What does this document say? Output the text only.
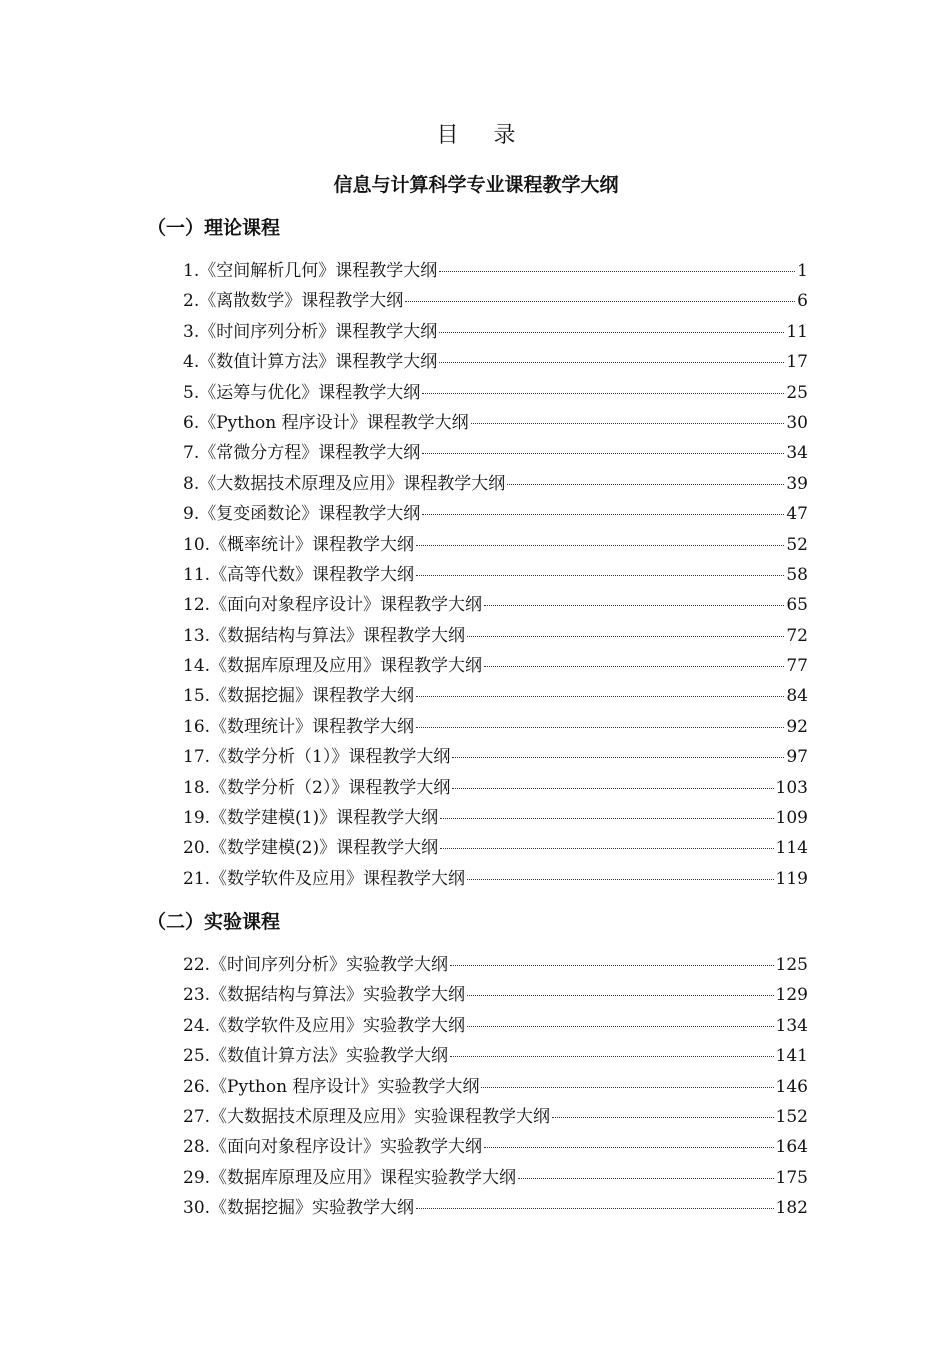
目 录
信息与计算科学专业课程教学大纲
（一）理论课程
1.《空间解析几何》课程教学大纲	1
2.《离散数学》课程教学大纲	6
3.《时间序列分析》课程教学大纲	11
4.《数值计算方法》课程教学大纲	17
5.《运筹与优化》课程教学大纲	25
6.《Python 程序设计》课程教学大纲	30
7.《常微分方程》课程教学大纲	34
8.《大数据技术原理及应用》课程教学大纲	39
9.《复变函数论》课程教学大纲	47
10.《概率统计》课程教学大纲	52
11.《高等代数》课程教学大纲	58
12.《面向对象程序设计》课程教学大纲	65
13.《数据结构与算法》课程教学大纲	72
14.《数据库原理及应用》课程教学大纲	77
15.《数据挖掘》课程教学大纲	84
16.《数理统计》课程教学大纲	92
17.《数学分析（1）》课程教学大纲	97
18.《数学分析（2）》课程教学大纲	103
19.《数学建模(1)》课程教学大纲	109
20.《数学建模(2)》课程教学大纲	114
21.《数学软件及应用》课程教学大纲	119
（二）实验课程
22.《时间序列分析》实验教学大纲	125
23.《数据结构与算法》实验教学大纲	129
24.《数学软件及应用》实验教学大纲	134
25.《数值计算方法》实验教学大纲	141
26.《Python 程序设计》实验教学大纲	146
27.《大数据技术原理及应用》实验课程教学大纲	152
28.《面向对象程序设计》实验教学大纲	164
29.《数据库原理及应用》课程实验教学大纲	175
30.《数据挖掘》实验教学大纲	182
